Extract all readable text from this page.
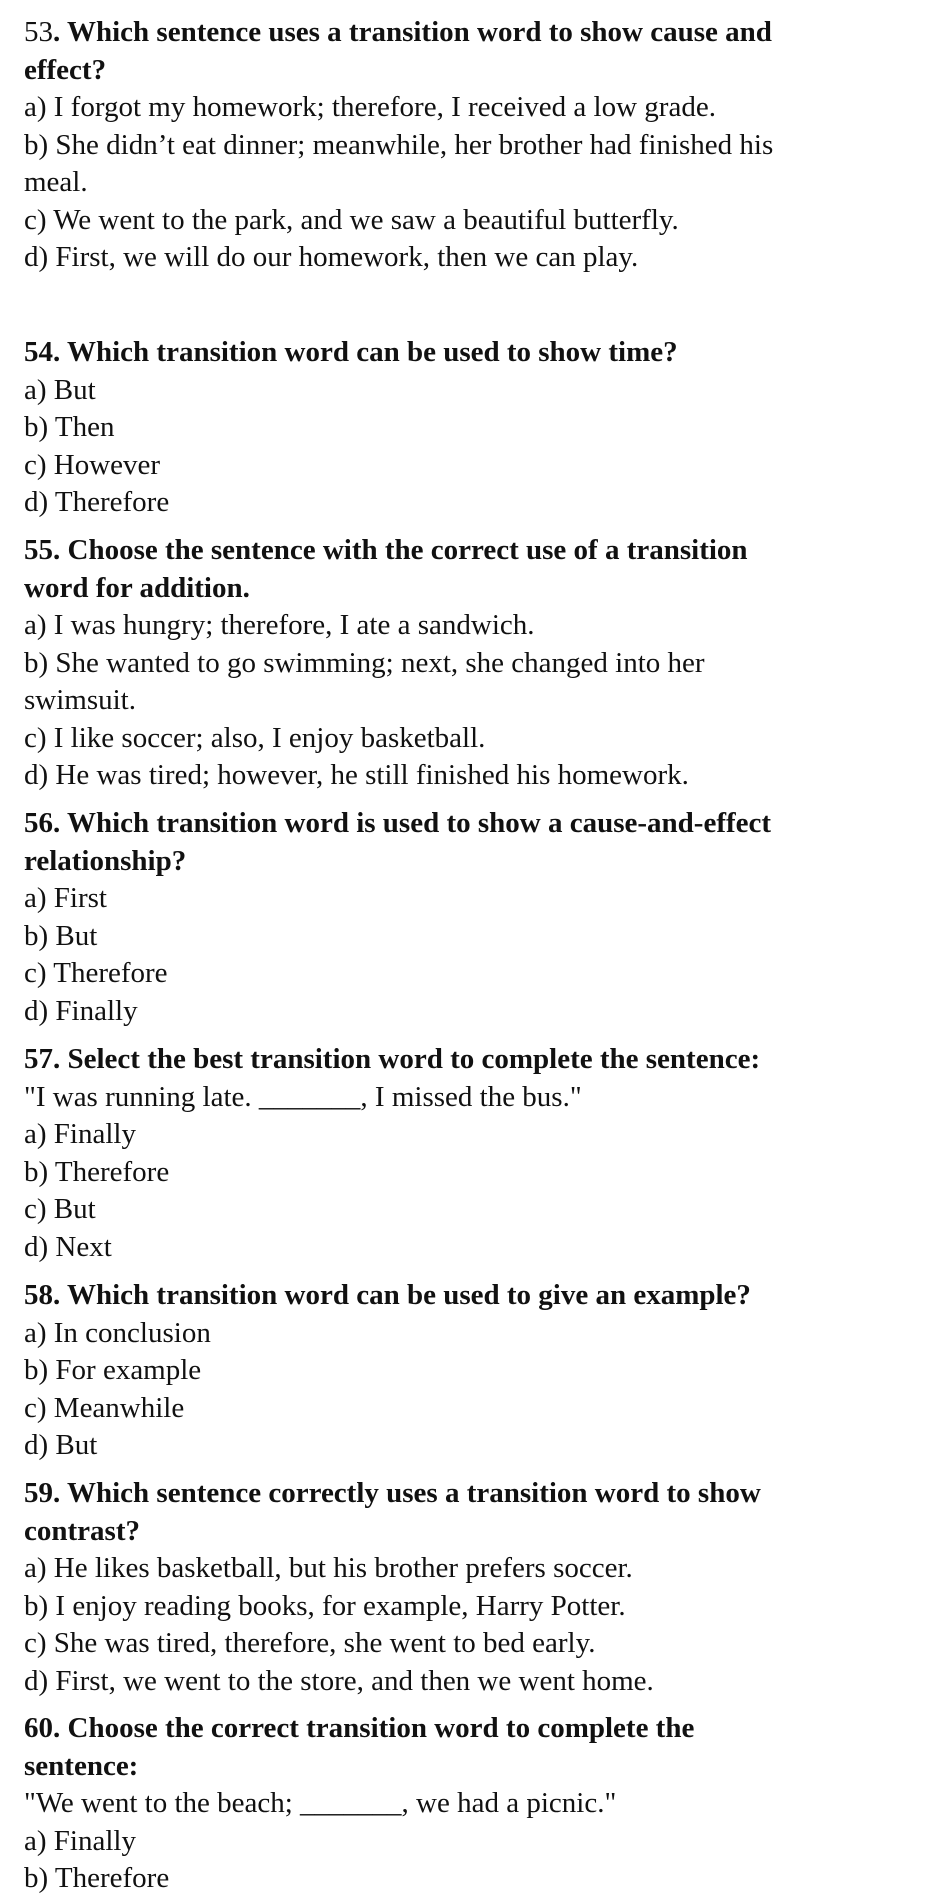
53. Which sentence uses a transition word to show cause and
effect?
a) I forgot my homework; therefore, I received a low grade.
b) She didn’t eat dinner; meanwhile, her brother had finished his
meal.
c) We went to the park, and we saw a beautiful butterfly.
d) First, we will do our homework, then we can play.
54. Which transition word can be used to show time?
a) But
b) Then
c) However
d) Therefore
55. Choose the sentence with the correct use of a transition
word for addition.
a) I was hungry; therefore, I ate a sandwich.
b) She wanted to go swimming; next, she changed into her
swimsuit.
c) I like soccer; also, I enjoy basketball.
d) He was tired; however, he still finished his homework.
56. Which transition word is used to show a cause-and-effect
relationship?
a) First
b) But
c) Therefore
d) Finally
57. Select the best transition word to complete the sentence:
"I was running late. _______, I missed the bus."
a) Finally
b) Therefore
c) But
d) Next
58. Which transition word can be used to give an example?
a) In conclusion
b) For example
c) Meanwhile
d) But
59. Which sentence correctly uses a transition word to show
contrast?
a) He likes basketball, but his brother prefers soccer.
b) I enjoy reading books, for example, Harry Potter.
c) She was tired, therefore, she went to bed early.
d) First, we went to the store, and then we went home.
60. Choose the correct transition word to complete the
sentence:
"We went to the beach; _______, we had a picnic."
a) Finally
b) Therefore
